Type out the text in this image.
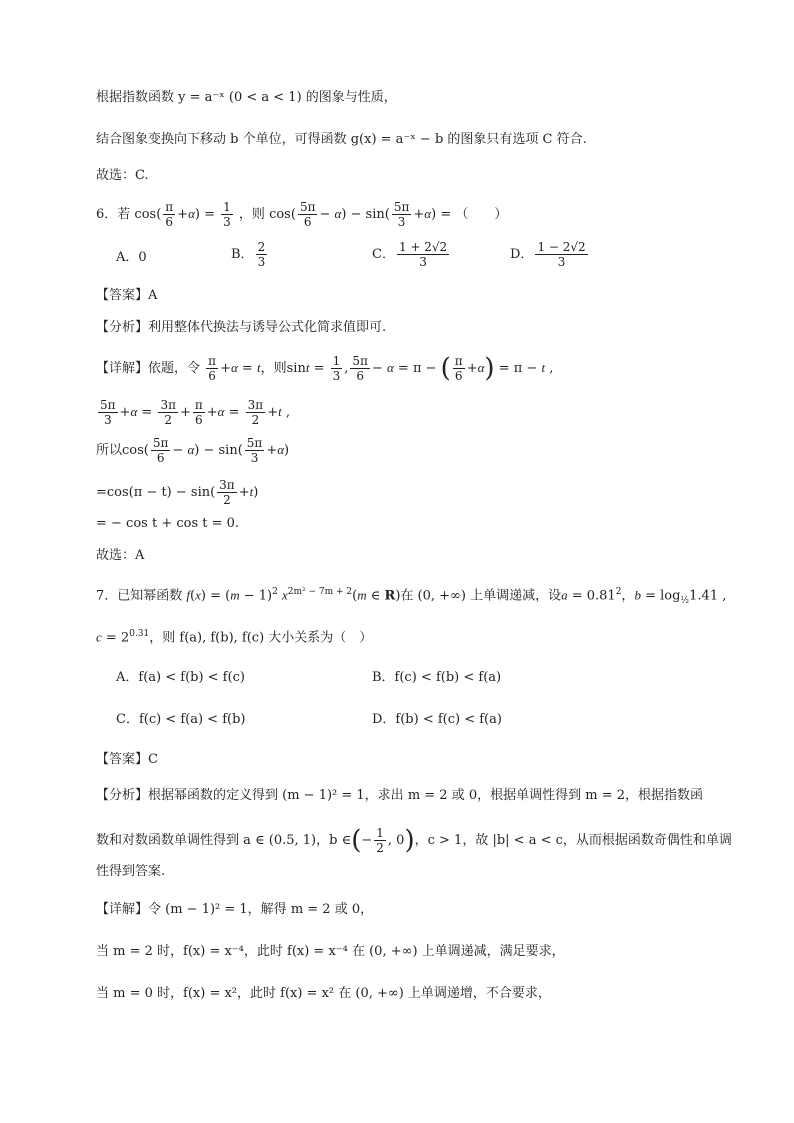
根据指数函数 y = a⁻ˣ (0 < a < 1) 的图象与性质，
结合图象变换向下移动 b 个单位，可得函数 g(x) = a⁻ˣ − b 的图象只有选项 C 符合.
故选：C.
6．若 $\cos( \frac{\pi}{6} +\alpha) = \frac{1}{3}$ ，则 $\cos( \frac{5\pi}{6} - \alpha) - \sin( \frac{5\pi}{3} +\alpha)$ = （　　）
A．0	B． $\frac{2}{3}$	C． $\frac{1 + 2√2}{3}$	D． $\frac{1 - 2√2}{3}$
【答案】A
【分析】利用整体代换法与诱导公式化简求值即可.
【详解】依题，令 $\frac{\pi}{6} +\alpha = t$，则$\sin t = \frac{1}{3}$ , $\frac{5\pi}{6} - \alpha = \pi$ − ( $\frac{\pi}{6} +\alpha) = \pi - t$ ,
$\frac{5\pi}{3} +\alpha = \frac{3\pi}{2} + \frac{\pi}{6} +\alpha = \frac{3\pi}{2} +t$ ,
所以$\cos( \frac{5\pi}{6} - \alpha) - \sin( \frac{5\pi}{3} +\alpha)$
$=\cos(\pi - t) - \sin( \frac{3\pi}{2} +t)$
= − cos t + cos t = 0.
故选：A
7．已知幂函数 $f(x) = (m - 1)^2$ $x^{2m^2 - 7m + 2}(m$ ∈ R)在 (0, +∞) 上单调递减，设$a = 0.81^2$，$b = \log_{\frac{1}{2}}1.41$ ,
$c = 2^{0.31}$，则 f(a), f(b), f(c) 大小关系为（　）
A．f(a) < f(b) < f(c)	B．f(c) < f(b) < f(a)
C．f(c) < f(a) < f(b)	D．f(b) < f(c) < f(a)
【答案】C
【分析】根据幂函数的定义得到 (m − 1)² = 1，求出 m = 2 或 0，根据单调性得到 m = 2，根据指数函
数和对数函数单调性得到 a ∈ (0.5, 1)，b ∈(− $\frac{1}{2}$ , 0)，c > 1，故 |b| < a < c，从而根据函数奇偶性和单调
性得到答案.
【详解】令 (m − 1)² = 1，解得 m = 2 或 0，
当 m = 2 时，f(x) = x⁻⁴，此时 f(x) = x⁻⁴ 在 (0, +∞) 上单调递减，满足要求，
当 m = 0 时，f(x) = x²，此时 f(x) = x² 在 (0, +∞) 上单调递增，不合要求，
